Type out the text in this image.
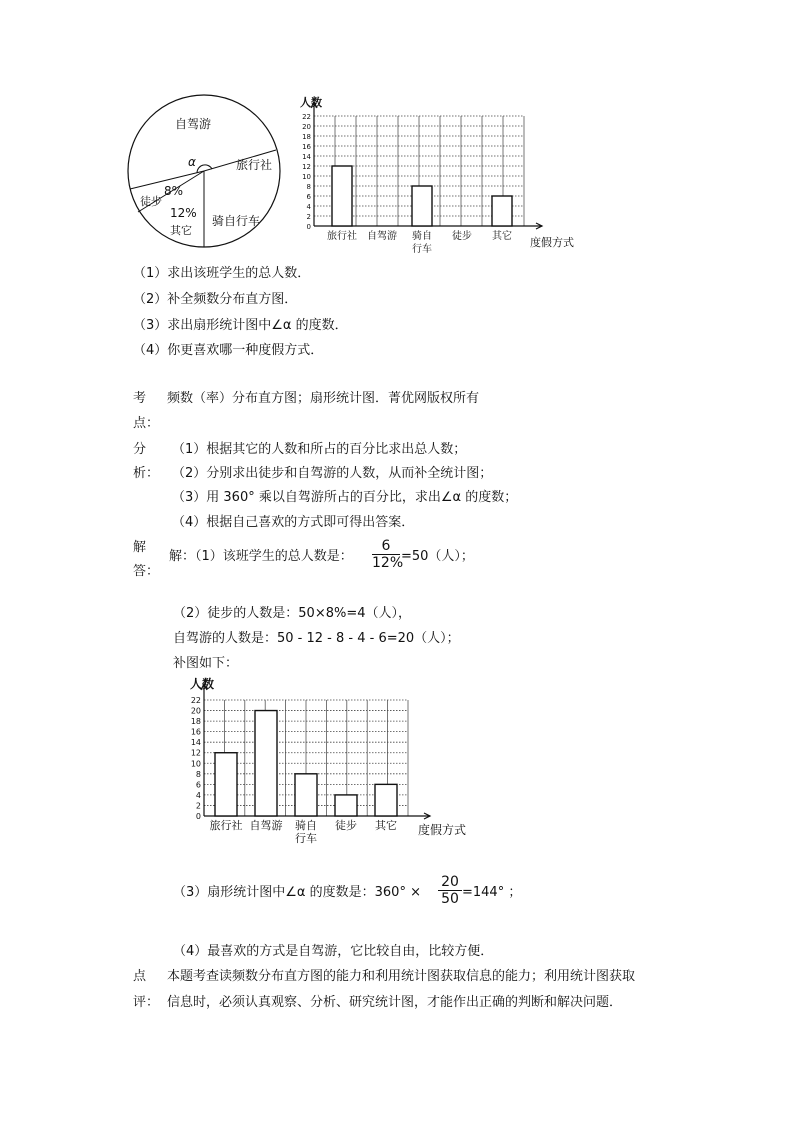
自驾游
旅行社
骑自行车
其它
徒步
8%
12%
α
0
2
4
6
8
10
12
14
16
18
20
22
人数
度假方式
旅行社 自驾游 骑自
行车
徒步 其它
（1）求出该班学生的总人数．
（2）补全频数分布直方图．
（3）求出扇形统计图中∠α 的度数．
（4）你更喜欢哪一种度假方式．
考
点：
频数（率）分布直方图；扇形统计图．菁优网版权所有
分
析：
（1）根据其它的人数和所占的百分比求出总人数；
（2）分别求出徒步和自驾游的人数，从而补全统计图；
（3）用 360° 乘以自驾游所占的百分比，求出∠α 的度数；
（4）根据自己喜欢的方式即可得出答案．
解
答：
解：（1）该班学生的总人数是： $\frac{6}{12\%} =50$（人）；
（2）徒步的人数是：50×8%=4（人），
自驾游的人数是：50 - 12 - 8 - 4 - 6=20（人）；
补图如下：
0
2
4
6
8
10
12
14
16
18
20
22
人数
度假方式
旅行社 自驾游 骑自
行车
徒步 其它
（3）扇形统计图中∠α 的度数是：$360^\circ \times \frac{20}{50} =144^\circ$ ；
（4）最喜欢的方式是自驾游，它比较自由，比较方便．
点
评：
本题考查读频数分布直方图的能力和利用统计图获取信息的能力；利用统计图获取
信息时，必须认真观察、分析、研究统计图，才能作出正确的判断和解决问题．
